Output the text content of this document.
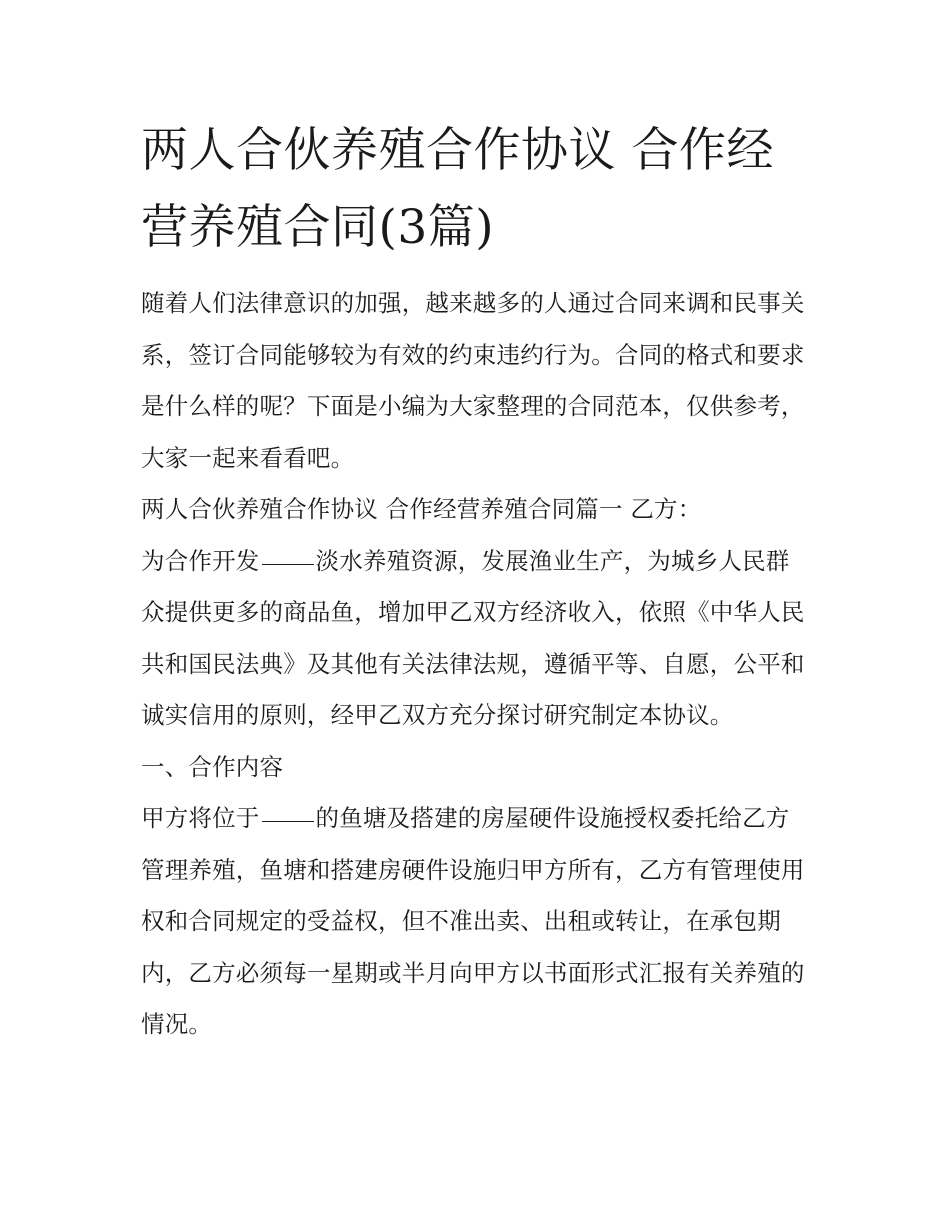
两人合伙养殖合作协议 合作经营养殖合同(3篇)

随着人们法律意识的加强，越来越多的人通过合同来调和民事关系，签订合同能够较为有效的约束违约行为。合同的格式和要求是什么样的呢？下面是小编为大家整理的合同范本，仅供参考，大家一起来看看吧。

两人合伙养殖合作协议 合作经营养殖合同篇一 乙方：

为合作开发 淡水养殖资源，发展渔业生产，为城乡人民群众提供更多的商品鱼，增加甲乙双方经济收入，依照《中华人民共和国民法典》及其他有关法律法规，遵循平等、自愿，公平和诚实信用的原则，经甲乙双方充分探讨研究制定本协议。

一、合作内容

甲方将位于 的鱼塘及搭建的房屋硬件设施授权委托给乙方管理养殖，鱼塘和搭建房硬件设施归甲方所有，乙方有管理使用权和合同规定的受益权，但不准出卖、出租或转让，在承包期内，乙方必须每一星期或半月向甲方以书面形式汇报有关养殖的情况。
